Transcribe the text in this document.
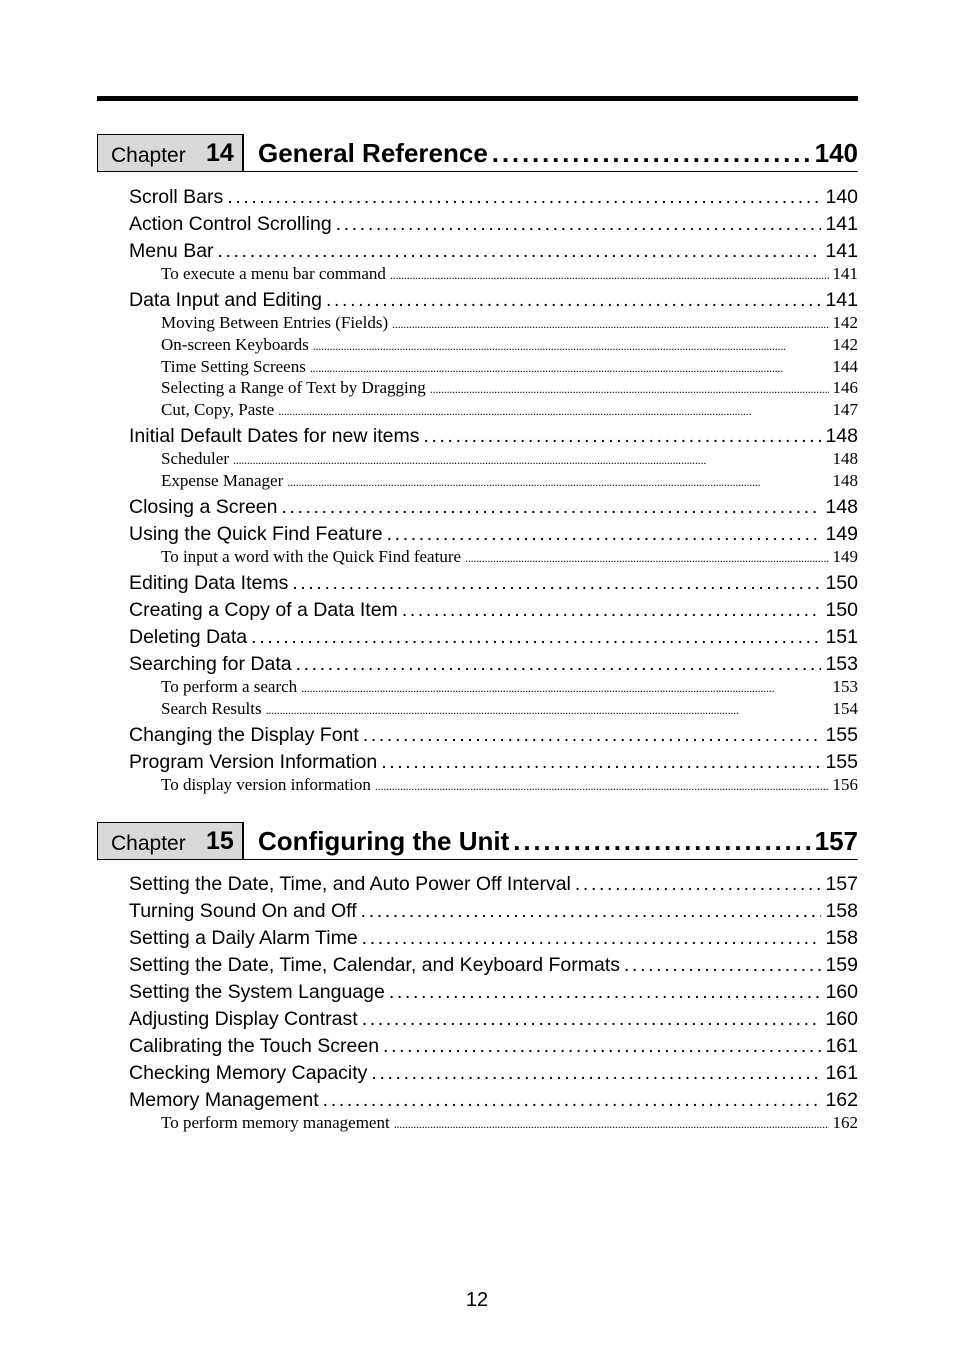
Chapter 14 General Reference . . .	140
Scroll Bars . . .	140
Action Control Scrolling . . .	141
Menu Bar . . .	141
To execute a menu bar command . . .	141
Data Input and Editing . . .	141
Moving Between Entries (Fields) . . .	142
On-screen Keyboards . . .	142
Time Setting Screens . . .	144
Selecting a Range of Text by Dragging . . .	146
Cut, Copy, Paste . . .	147
Initial Default Dates for new items . . .	148
Scheduler . . .	148
Expense Manager . . .	148
Closing a Screen . . .	148
Using the Quick Find Feature . . .	149
To input a word with the Quick Find feature . . .	149
Editing Data Items . . .	150
Creating a Copy of a Data Item . . .	150
Deleting Data . . .	151
Searching for Data . . .	153
To perform a search . . .	153
Search Results . . .	154
Changing the Display Font . . .	155
Program Version Information . . .	155
To display version information . . .	156
Chapter 15 Configuring the Unit . . .	157
Setting the Date, Time, and Auto Power Off Interval . . .	157
Turning Sound On and Off . . .	158
Setting a Daily Alarm Time . . .	158
Setting the Date, Time, Calendar, and Keyboard Formats . . .	159
Setting the System Language . . .	160
Adjusting Display Contrast . . .	160
Calibrating the Touch Screen . . .	161
Checking Memory Capacity . . .	161
Memory Management . . .	162
To perform memory management . . .	162
12
